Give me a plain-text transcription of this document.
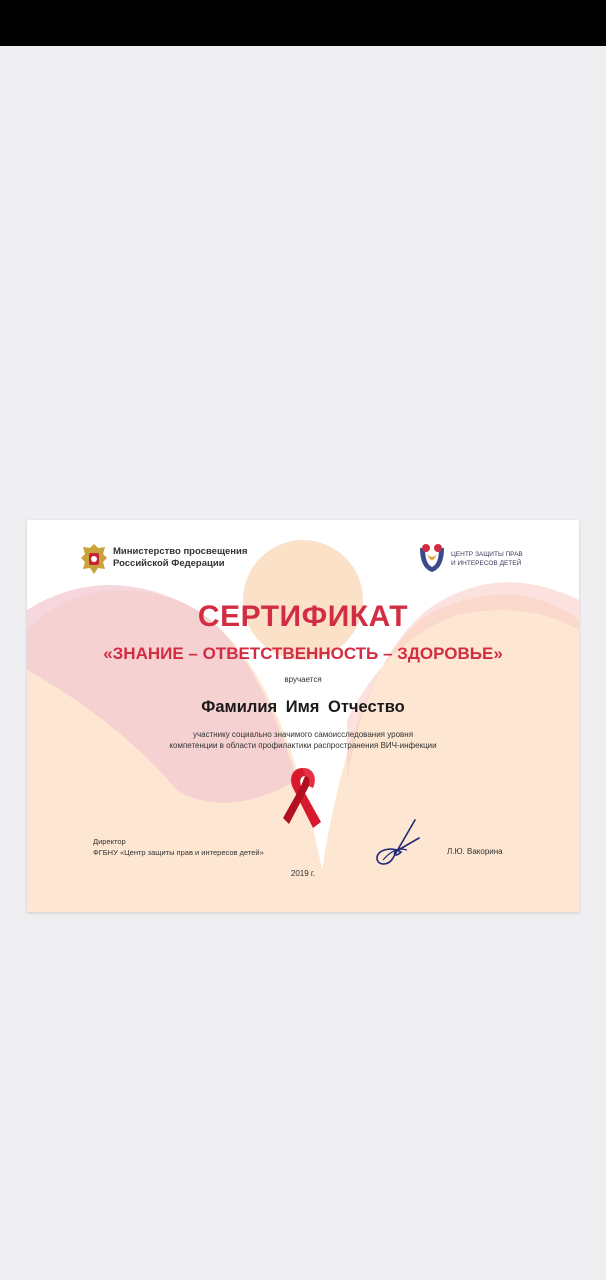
Министерство просвещения
Российской Федерации
ЦЕНТР ЗАЩИТЫ ПРАВ
И ИНТЕРЕСОВ ДЕТЕЙ
СЕРТИФИКАТ
«ЗНАНИЕ – ОТВЕТСТВЕННОСТЬ – ЗДОРОВЬЕ»
вручается
Фамилия Имя Отчество
участнику социально значимого самоисследования уровня
компетенции в области профилактики распространения ВИЧ-инфекции
Директор
ФГБНУ «Центр защиты прав и интересов детей»	Л.Ю. Вакорина
2019 г.
